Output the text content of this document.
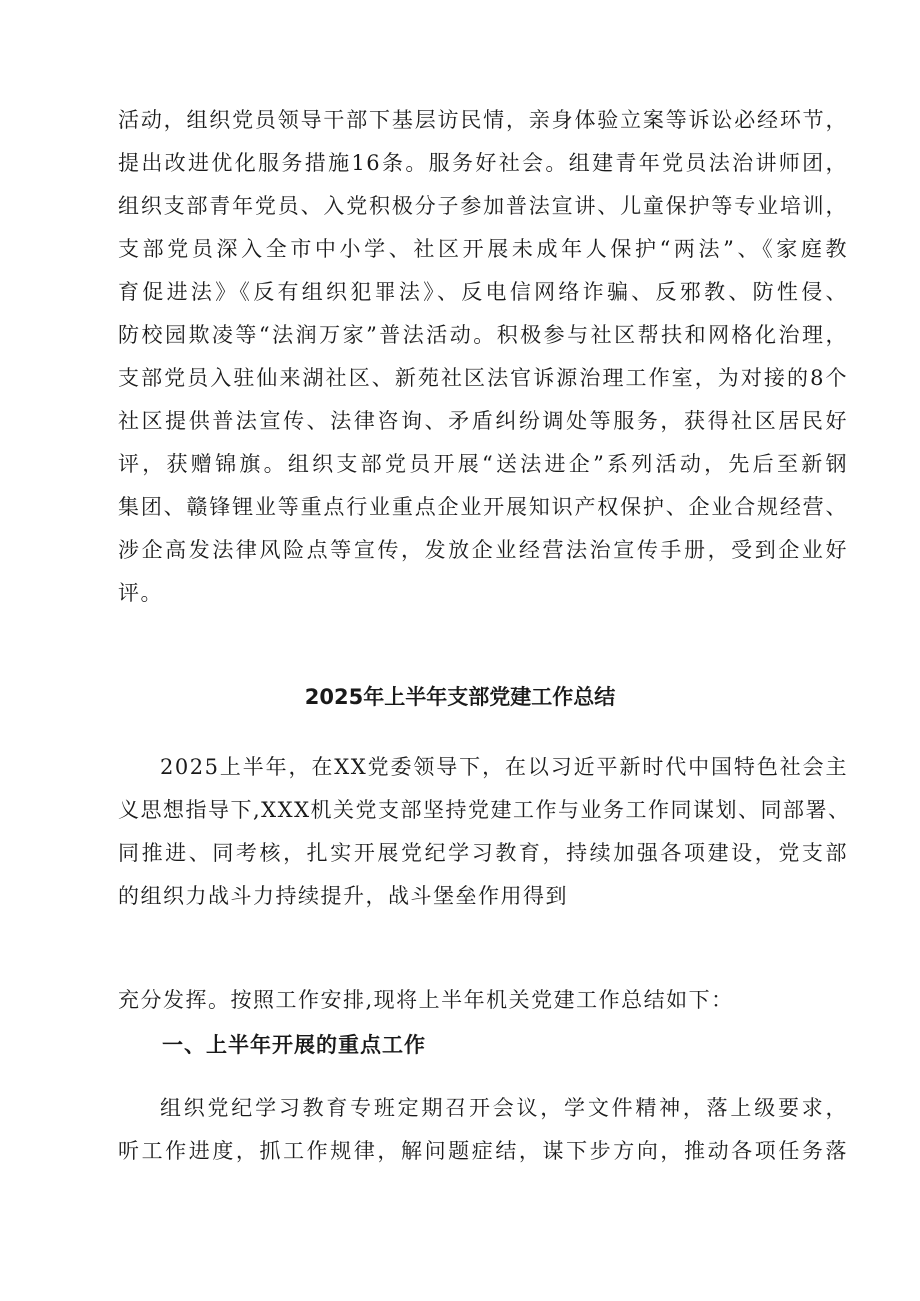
活动，组织党员领导干部下基层访民情，亲身体验立案等诉讼必经环节，
提出改进优化服务措施16条。服务好社会。组建青年党员法治讲师团，
组织支部青年党员、入党积极分子参加普法宣讲、儿童保护等专业培训，
支部党员深入全市中小学、社区开展未成年人保护“两法”、《家庭教
育促进法》《反有组织犯罪法》、反电信网络诈骗、反邪教、防性侵、
防校园欺凌等“法润万家”普法活动。积极参与社区帮扶和网格化治理，
支部党员入驻仙来湖社区、新苑社区法官诉源治理工作室，为对接的8个
社区提供普法宣传、法律咨询、矛盾纠纷调处等服务，获得社区居民好
评，获赠锦旗。组织支部党员开展“送法进企”系列活动，先后至新钢
集团、赣锋锂业等重点行业重点企业开展知识产权保护、企业合规经营、
涉企高发法律风险点等宣传，发放企业经营法治宣传手册，受到企业好
评。
2025年上半年支部党建工作总结
2025上半年，在XX党委领导下，在以习近平新时代中国特色社会主
义思想指导下,XXX机关党支部坚持党建工作与业务工作同谋划、同部署、
同推进、同考核，扎实开展党纪学习教育，持续加强各项建设，党支部
的组织力战斗力持续提升，战斗堡垒作用得到
充分发挥。按照工作安排,现将上半年机关党建工作总结如下：
一、上半年开展的重点工作
组织党纪学习教育专班定期召开会议，学文件精神，落上级要求，
听工作进度，抓工作规律，解问题症结，谋下步方向，推动各项任务落
